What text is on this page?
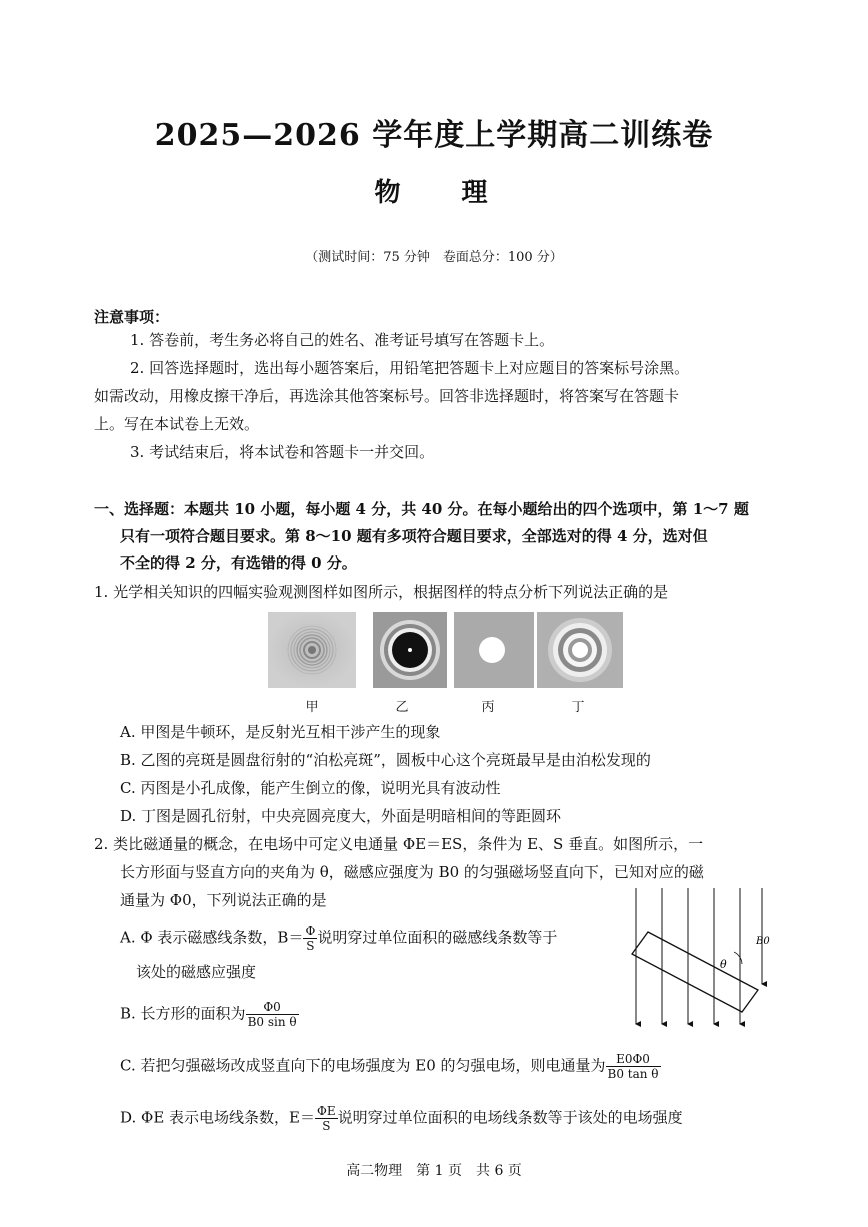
2025—2026 学年度上学期高二训练卷
物 理
（测试时间：75 分钟　卷面总分：100 分）
注意事项：
1. 答卷前，考生务必将自己的姓名、准考证号填写在答题卡上。
2. 回答选择题时，选出每小题答案后，用铅笔把答题卡上对应题目的答案标号涂黑。
如需改动，用橡皮擦干净后，再选涂其他答案标号。回答非选择题时，将答案写在答题卡
上。写在本试卷上无效。
3. 考试结束后，将本试卷和答题卡一并交回。
一、选择题：本题共 10 小题，每小题 4 分，共 40 分。在每小题给出的四个选项中，第 1～7 题
只有一项符合题目要求。第 8～10 题有多项符合题目要求，全部选对的得 4 分，选对但
不全的得 2 分，有选错的得 0 分。
1. 光学相关知识的四幅实验观测图样如图所示，根据图样的特点分析下列说法正确的是
甲	乙	丙	丁
A. 甲图是牛顿环，是反射光互相干涉产生的现象
B. 乙图的亮斑是圆盘衍射的“泊松亮斑”，圆板中心这个亮斑最早是由泊松发现的
C. 丙图是小孔成像，能产生倒立的像，说明光具有波动性
D. 丁图是圆孔衍射，中央亮圆亮度大，外面是明暗相间的等距圆环
2. 类比磁通量的概念，在电场中可定义电通量 ΦE＝ES，条件为 E、S 垂直。如图所示，一
长方形面与竖直方向的夹角为 θ，磁感应强度为 B0 的匀强磁场竖直向下，已知对应的磁
通量为 Φ0，下列说法正确的是
A. Φ 表示磁感线条数，$B= \frac{\Phi}{S}$ 说明穿过单位面积的磁感线条数等于
该处的磁感应强度
B. 长方形的面积为 $\frac{\Phi 0}{\text{B0 sin θ}}$
C. 若把匀强磁场改成竖直向下的电场强度为 E0 的匀强电场，则电通量为 $\frac{E0\Phi 0}{\text{B0 tan θ}}$
D. ΦE 表示电场线条数，$E= \frac{\Phi E}{S}$ 说明穿过单位面积的电场线条数等于该处的电场强度
θ
B0
高二物理　第 1 页　共 6 页
